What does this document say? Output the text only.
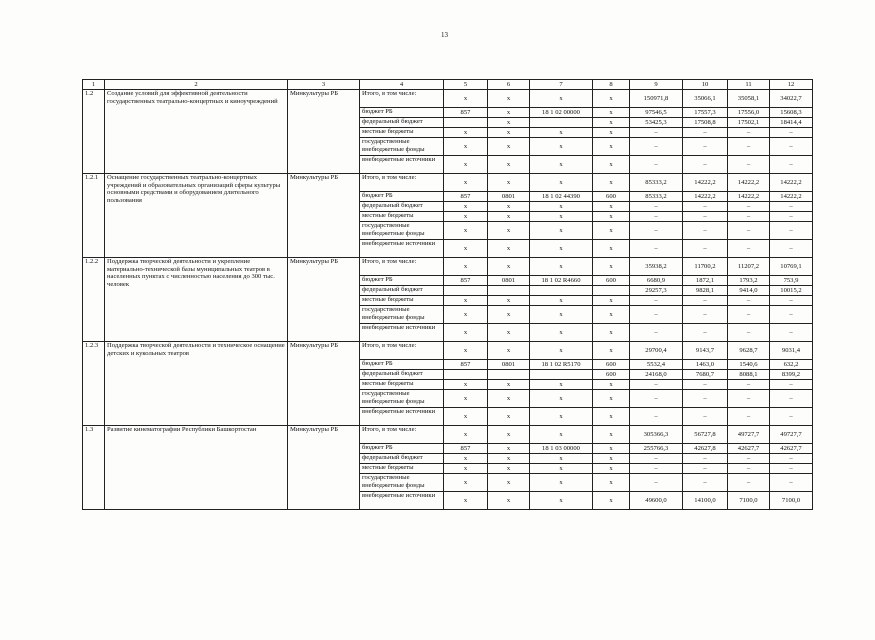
13
1	2	3	4	5	6	7	8	9	10	11	12
1.2	Создание условий для эффективной деятельности государственных театрально-концертных и киноучреждений	Минкультуры РБ	Итого, в том числе:	x	x	x	x	150971,8	35066,1	35058,1	34022,7
			бюджет РБ	857	x	18 1 02 00000	x	97546,5	17557,3	17556,0	15608,3
			федеральный бюджет		x		x	53425,3	17508,8	17502,1	18414,4
			местные бюджеты	x	x	x	x	–	–	–	–
			государственные внебюджетные фонды	x	x	x	x	–	–	–	–
			внебюджетные источники	x	x	x	x	–	–	–	–
1.2.1	Оснащение государственных театрально-концертных учреждений и образовательных организаций сферы культуры основными средствами и оборудованием длительного пользования	Минкультуры РБ	Итого, в том числе:	x	x	x	x	85333,2	14222,2	14222,2	14222,2
			бюджет РБ	857	0801	18 1 02 44390	600	85333,2	14222,2	14222,2	14222,2
			федеральный бюджет	x	x	x	x	–	–	–	–
			местные бюджеты	x	x	x	x	–	–	–	–
			государственные внебюджетные фонды	x	x	x	x	–	–	–	–
			внебюджетные источники	x	x	x	x	–	–	–	–
1.2.2	Поддержка творческой деятельности и укрепление материально-технической базы муниципальных театров в населенных пунктах с численностью населения до 300 тыс. человек	Минкультуры РБ	Итого, в том числе:	x	x	x	x	35938,2	11700,2	11207,2	10769,1
			бюджет РБ	857	0801	18 1 02 R4660	600	6680,9	1872,1	1793,2	753,9
			федеральный бюджет					29257,3	9828,1	9414,0	10015,2
			местные бюджеты	x	x	x	x	–	–	–	–
			государственные внебюджетные фонды	x	x	x	x	–	–	–	–
			внебюджетные источники	x	x	x	x	–	–	–	–
1.2.3	Поддержка творческой деятельности и техническое оснащение детских и кукольных театров	Минкультуры РБ	Итого, в том числе:	x	x	x	x	29700,4	9143,7	9628,7	9031,4
			бюджет РБ	857	0801	18 1 02 R5170	600	5532,4	1463,0	1540,6	632,2
			федеральный бюджет				600	24168,0	7680,7	8088,1	8399,2
			местные бюджеты	x	x	x	x	–	–	–	–
			государственные внебюджетные фонды	x	x	x	x	–	–	–	–
			внебюджетные источники	x	x	x	x	–	–	–	–
1.3	Развитие кинематографии Республики Башкортостан	Минкультуры РБ	Итого, в том числе:	x	x	x	x	305366,3	56727,8	49727,7	49727,7
			бюджет РБ	857	x	18 1 03 00000	x	255766,3	42627,8	42627,7	42627,7
			федеральный бюджет	x	x	x	x	–	–	–	–
			местные бюджеты	x	x	x	x	–	–	–	–
			государственные внебюджетные фонды	x	x	x	x	–	–	–	–
			внебюджетные источники	x	x	x	x	49600,0	14100,0	7100,0	7100,0
